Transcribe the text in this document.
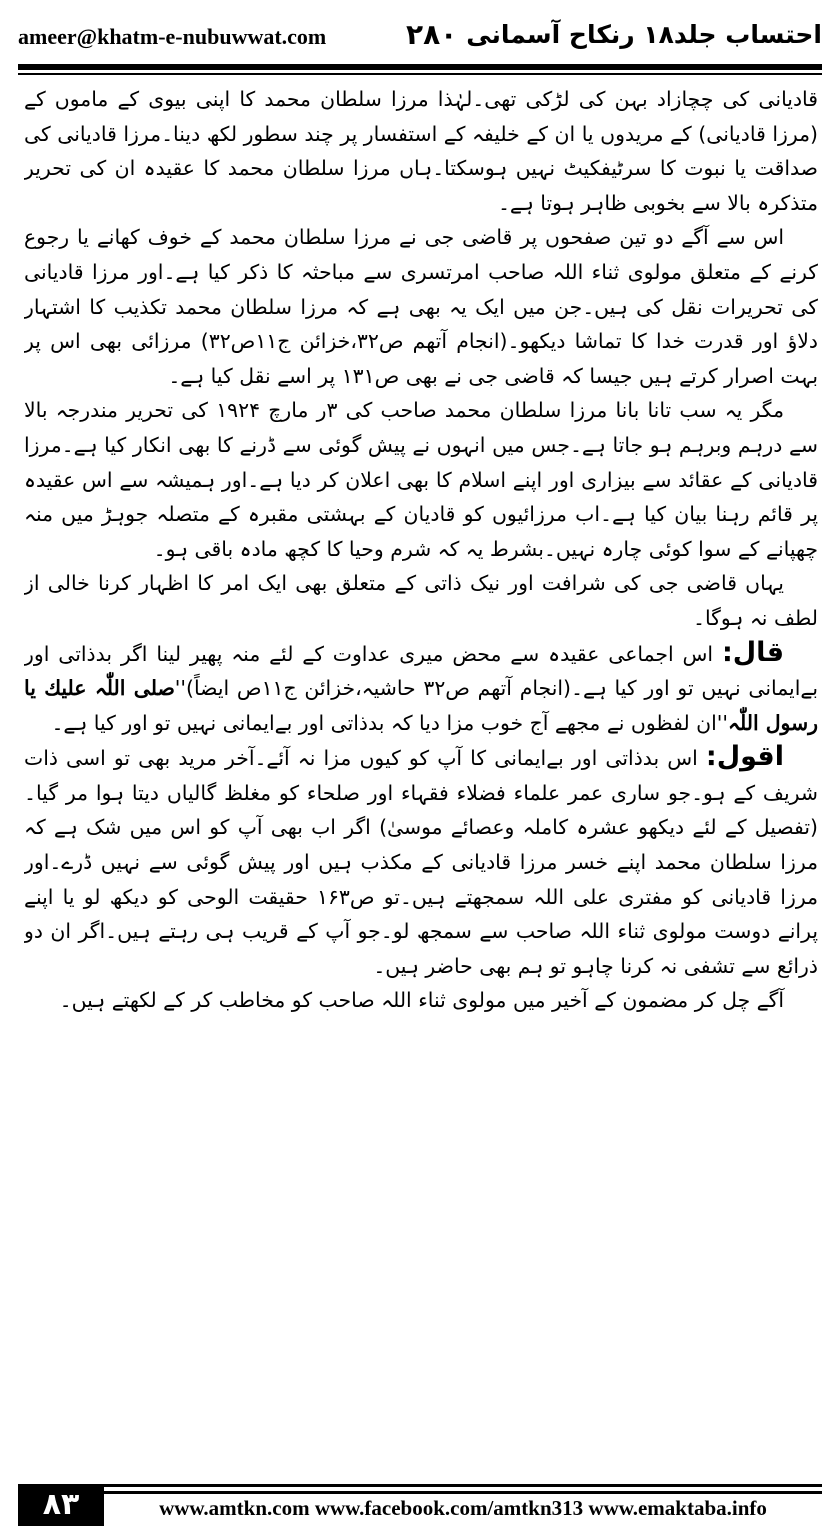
ameer@khatm-e-nubuwwat.com	۲۸۰ احتساب جلد۱۸ رنکاح آسمانی

قادیانی کی چچازاد بہن کی لڑکی تھی۔لہٰذا مرزا سلطان محمد کا اپنی بیوی کے ماموں کے (مرزا قادیانی) کے مریدوں یا ان کے خلیفہ کے استفسار پر چند سطور لکھ دینا۔مرزا قادیانی کی صداقت یا نبوت کا سرٹیفکیٹ نہیں ہوسکتا۔ہاں مرزا سلطان محمد کا عقیدہ ان کی تحریر متذکرہ بالا سے بخوبی ظاہر ہوتا ہے۔

اس سے آگے دو تین صفحوں پر قاضی جی نے مرزا سلطان محمد کے خوف کھانے یا رجوع کرنے کے متعلق مولوی ثناء اللہ صاحب امرتسری سے مباحثہ کا ذکر کیا ہے۔اور مرزا قادیانی کی تحریرات نقل کی ہیں۔جن میں ایک یہ بھی ہے کہ مرزا سلطان محمد تکذیب کا اشتہار دلاؤ اور قدرت خدا کا تماشا دیکھو۔(انجام آتھم ص۳۲،خزائن ج۱۱ص۳۲) مرزائی بھی اس پر بہت اصرار کرتے ہیں جیسا کہ قاضی جی نے بھی ص۱۳۱ پر اسے نقل کیا ہے۔

مگر یہ سب تانا بانا مرزا سلطان محمد صاحب کی ۳ر مارچ ۱۹۲۴ کی تحریر مندرجہ بالا سے درہم وبرہم ہو جاتا ہے۔جس میں انہوں نے پیش گوئی سے ڈرنے کا بھی انکار کیا ہے۔مرزا قادیانی کے عقائد سے بیزاری اور اپنے اسلام کا بھی اعلان کر دیا ہے۔اور ہمیشہ سے اس عقیدہ پر قائم رہنا بیان کیا ہے۔اب مرزائیوں کو قادیان کے بہشتی مقبرہ کے متصلہ جوہڑ میں منہ چھپانے کے سوا کوئی چارہ نہیں۔بشرط یہ کہ شرم وحیا کا کچھ مادہ باقی ہو۔

یہاں قاضی جی کی شرافت اور نیک ذاتی کے متعلق بھی ایک امر کا اظہار کرنا خالی از لطف نہ ہوگا۔

قال: اس اجماعی عقیدہ سے محض میری عداوت کے لئے منہ پھیر لینا اگر بدذاتی اور بےایمانی نہیں تو اور کیا ہے۔(انجام آتھم ص۳۲ حاشیہ،خزائن ج۱۱ص ایضاً)''صلی اللّٰہ علیك یا رسول اللّٰہ''ان لفظوں نے مجھے آج خوب مزا دیا کہ بدذاتی اور بےایمانی نہیں تو اور کیا ہے۔

اقول: اس بدذاتی اور بےایمانی کا آپ کو کیوں مزا نہ آئے۔آخر مرید بھی تو اسی ذات شریف کے ہو۔جو ساری عمر علماء فضلاء فقہاء اور صلحاء کو مغلظ گالیاں دیتا ہوا مر گیا۔(تفصیل کے لئے دیکھو عشرہ کاملہ وعصائے موسیٰ) اگر اب بھی آپ کو اس میں شک ہے کہ مرزا سلطان محمد اپنے خسر مرزا قادیانی کے مکذب ہیں اور پیش گوئی سے نہیں ڈرے۔اور مرزا قادیانی کو مفتری علی اللہ سمجھتے ہیں۔تو ص۱۶۳ حقیقت الوحی کو دیکھ لو یا اپنے پرانے دوست مولوی ثناء اللہ صاحب سے سمجھ لو۔جو آپ کے قریب ہی رہتے ہیں۔اگر ان دو ذرائع سے تشفی نہ کرنا چاہو تو ہم بھی حاضر ہیں۔

آگے چل کر مضمون کے آخیر میں مولوی ثناء اللہ صاحب کو مخاطب کر کے لکھتے ہیں۔

۸۳	www.amtkn.com www.facebook.com/amtkn313 www.emaktaba.info
